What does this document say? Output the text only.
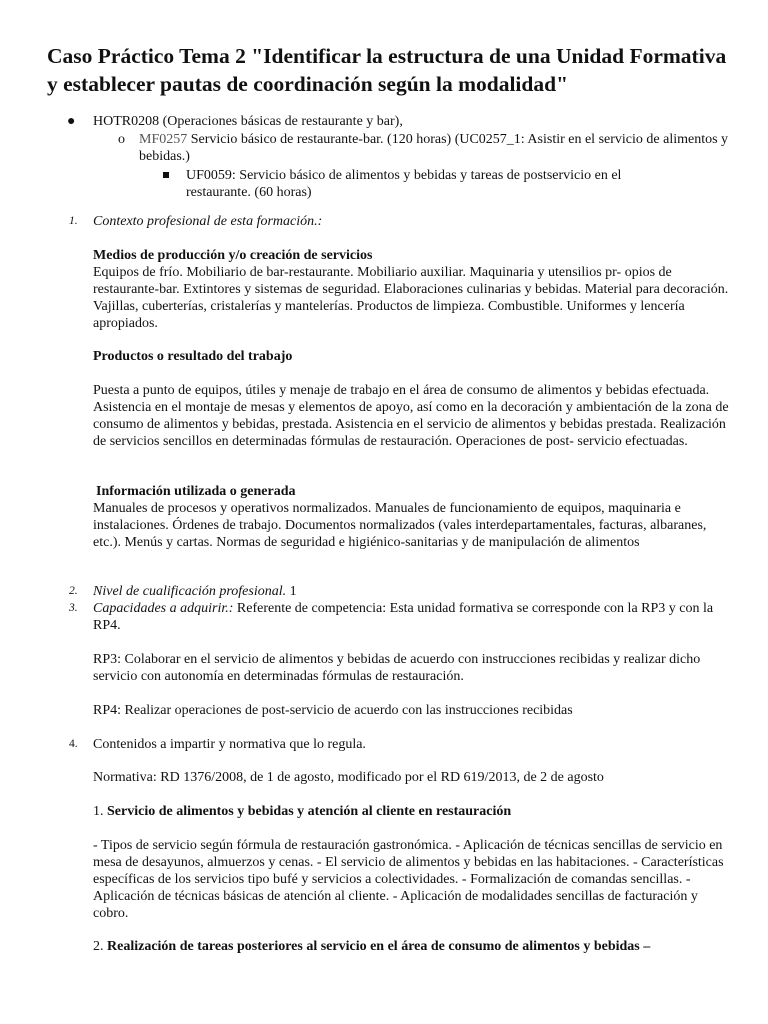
Caso Práctico Tema 2 "Identificar la estructura de una Unidad Formativa y establecer pautas de coordinación según la modalidad"
● HOTR0208 (Operaciones básicas de restaurante y bar),

o MF0257 Servicio básico de restaurante-bar. (120 horas) (UC0257_1: Asistir en el servicio de alimentos y bebidas.)

UF0059: Servicio básico de alimentos y bebidas y tareas de postservicio en el restaurante. (60 horas)

1. Contexto profesional de esta formación.:

Medios de producción y/o creación de servicios

Equipos de frío. Mobiliario de bar-restaurante. Mobiliario auxiliar. Maquinaria y utensilios pr- opios de restaurante-bar. Extintores y sistemas de seguridad. Elaboraciones culinarias y bebidas. Material para decoración. Vajillas, cuberterías, cristalerías y mantelerías. Productos de limpieza. Combustible. Uniformes y lencería apropiados.

Productos o resultado del trabajo

Puesta a punto de equipos, útiles y menaje de trabajo en el área de consumo de alimentos y bebidas efectuada. Asistencia en el montaje de mesas y elementos de apoyo, así como en la decoración y ambientación de la zona de consumo de alimentos y bebidas, prestada. Asistencia en el servicio de alimentos y bebidas prestada. Realización de servicios sencillos en determinadas fórmulas de restauración. Operaciones de post- servicio efectuadas.

Información utilizada o generada

Manuales de procesos y operativos normalizados. Manuales de funcionamiento de equipos, maquinaria e instalaciones. Órdenes de trabajo. Documentos normalizados (vales interdepartamentales, facturas, albaranes, etc.). Menús y cartas. Normas de seguridad e higiénico-sanitarias y de manipulación de alimentos

2. Nivel de cualificación profesional. 1

3. Capacidades a adquirir.: Referente de competencia: Esta unidad formativa se corresponde con la RP3 y con la RP4.

RP3: Colaborar en el servicio de alimentos y bebidas de acuerdo con instrucciones recibidas y realizar dicho servicio con autonomía en determinadas fórmulas de restauración.

RP4: Realizar operaciones de post-servicio de acuerdo con las instrucciones recibidas

4. Contenidos a impartir y normativa que lo regula.

Normativa: RD 1376/2008, de 1 de agosto, modificado por el RD 619/2013, de 2 de agosto

1. Servicio de alimentos y bebidas y atención al cliente en restauración

- Tipos de servicio según fórmula de restauración gastronómica. - Aplicación de técnicas sencillas de servicio en mesa de desayunos, almuerzos y cenas. - El servicio de alimentos y bebidas en las habitaciones. - Características específicas de los servicios tipo bufé y servicios a colectividades. - Formalización de comandas sencillas. - Aplicación de técnicas básicas de atención al cliente. - Aplicación de modalidades sencillas de facturación y cobro.

2. Realización de tareas posteriores al servicio en el área de consumo de alimentos y bebidas –
